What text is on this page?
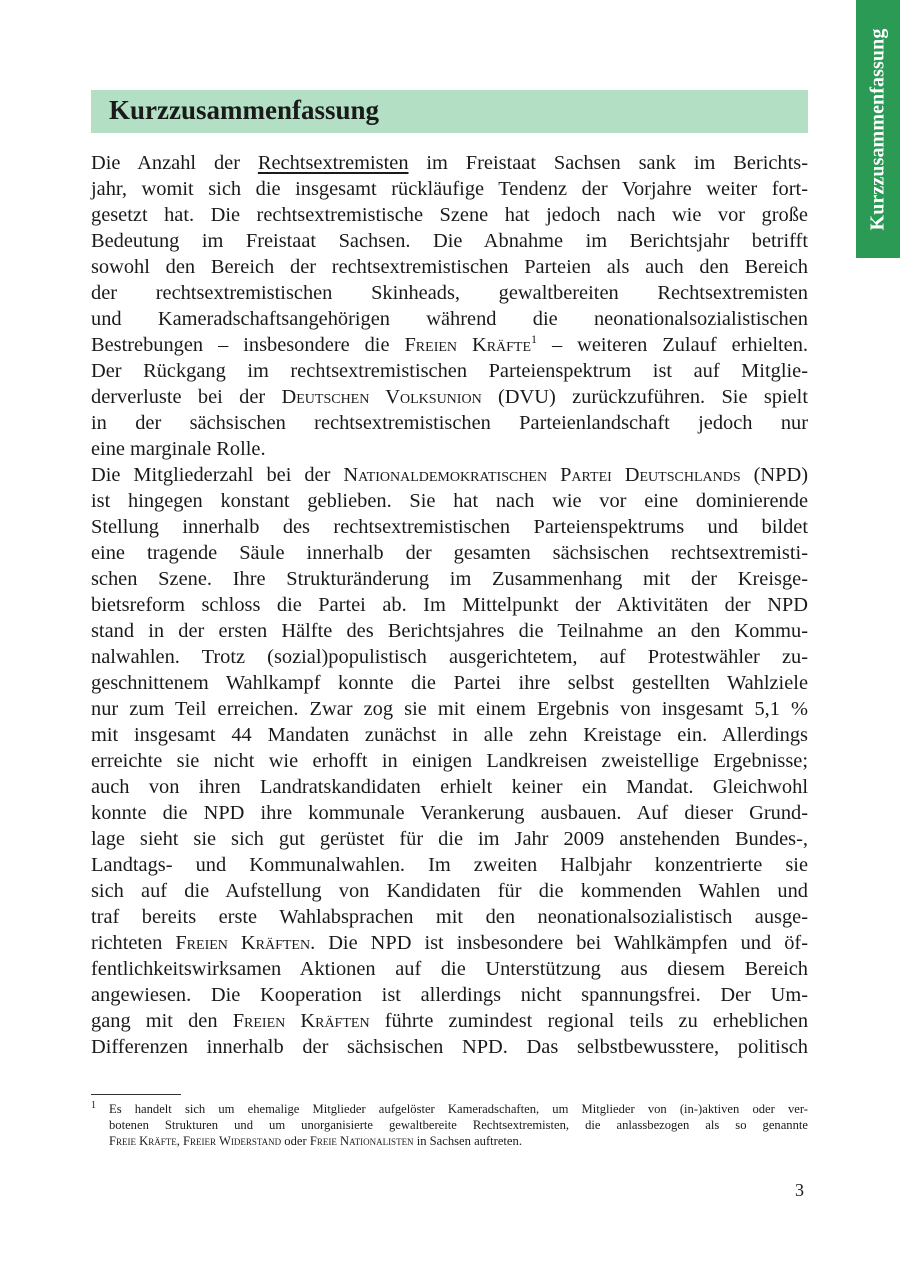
Kurzzusammenfassung
Kurzzusammenfassung
Die Anzahl der Rechtsextremisten im Freistaat Sachsen sank im Berichts-
jahr, womit sich die insgesamt rückläufige Tendenz der Vorjahre weiter fort-
gesetzt hat. Die rechtsextremistische Szene hat jedoch nach wie vor große
Bedeutung im Freistaat Sachsen. Die Abnahme im Berichtsjahr betrifft
sowohl den Bereich der rechtsextremistischen Parteien als auch den Bereich
der rechtsextremistischen Skinheads, gewaltbereiten Rechtsextremisten
und Kameradschaftsangehörigen während die neonationalsozialistischen
Bestrebungen – insbesondere die Freien Kräfte$^1$ – weiteren Zulauf erhielten.
Der Rückgang im rechtsextremistischen Parteienspektrum ist auf Mitglie-
derverluste bei der Deutschen Volksunion (DVU) zurückzuführen. Sie spielt
in der sächsischen rechtsextremistischen Parteienlandschaft jedoch nur
eine marginale Rolle.
Die Mitgliederzahl bei der Nationaldemokratischen Partei Deutschlands (NPD)
ist hingegen konstant geblieben. Sie hat nach wie vor eine dominierende
Stellung innerhalb des rechtsextremistischen Parteienspektrums und bildet
eine tragende Säule innerhalb der gesamten sächsischen rechtsextremisti-
schen Szene. Ihre Strukturänderung im Zusammenhang mit der Kreisge-
bietsreform schloss die Partei ab. Im Mittelpunkt der Aktivitäten der NPD
stand in der ersten Hälfte des Berichtsjahres die Teilnahme an den Kommu-
nalwahlen. Trotz (sozial)populistisch ausgerichtetem, auf Protestwähler zu-
geschnittenem Wahlkampf konnte die Partei ihre selbst gestellten Wahlziele
nur zum Teil erreichen. Zwar zog sie mit einem Ergebnis von insgesamt 5,1 %
mit insgesamt 44 Mandaten zunächst in alle zehn Kreistage ein. Allerdings
erreichte sie nicht wie erhofft in einigen Landkreisen zweistellige Ergebnisse;
auch von ihren Landratskandidaten erhielt keiner ein Mandat. Gleichwohl
konnte die NPD ihre kommunale Verankerung ausbauen. Auf dieser Grund-
lage sieht sie sich gut gerüstet für die im Jahr 2009 anstehenden Bundes-,
Landtags- und Kommunalwahlen. Im zweiten Halbjahr konzentrierte sie
sich auf die Aufstellung von Kandidaten für die kommenden Wahlen und
traf bereits erste Wahlabsprachen mit den neonationalsozialistisch ausge-
richteten Freien Kräften. Die NPD ist insbesondere bei Wahlkämpfen und öf-
fentlichkeitswirksamen Aktionen auf die Unterstützung aus diesem Bereich
angewiesen. Die Kooperation ist allerdings nicht spannungsfrei. Der Um-
gang mit den Freien Kräften führte zumindest regional teils zu erheblichen
Differenzen innerhalb der sächsischen NPD. Das selbstbewusstere, politisch
1 Es handelt sich um ehemalige Mitglieder aufgelöster Kameradschaften, um Mitglieder von (in-)aktiven oder ver-
botenen Strukturen und um unorganisierte gewaltbereite Rechtsextremisten, die anlassbezogen als so genannte
Freie Kräfte, Freier Widerstand oder Freie Nationalisten in Sachsen auftreten.
3
